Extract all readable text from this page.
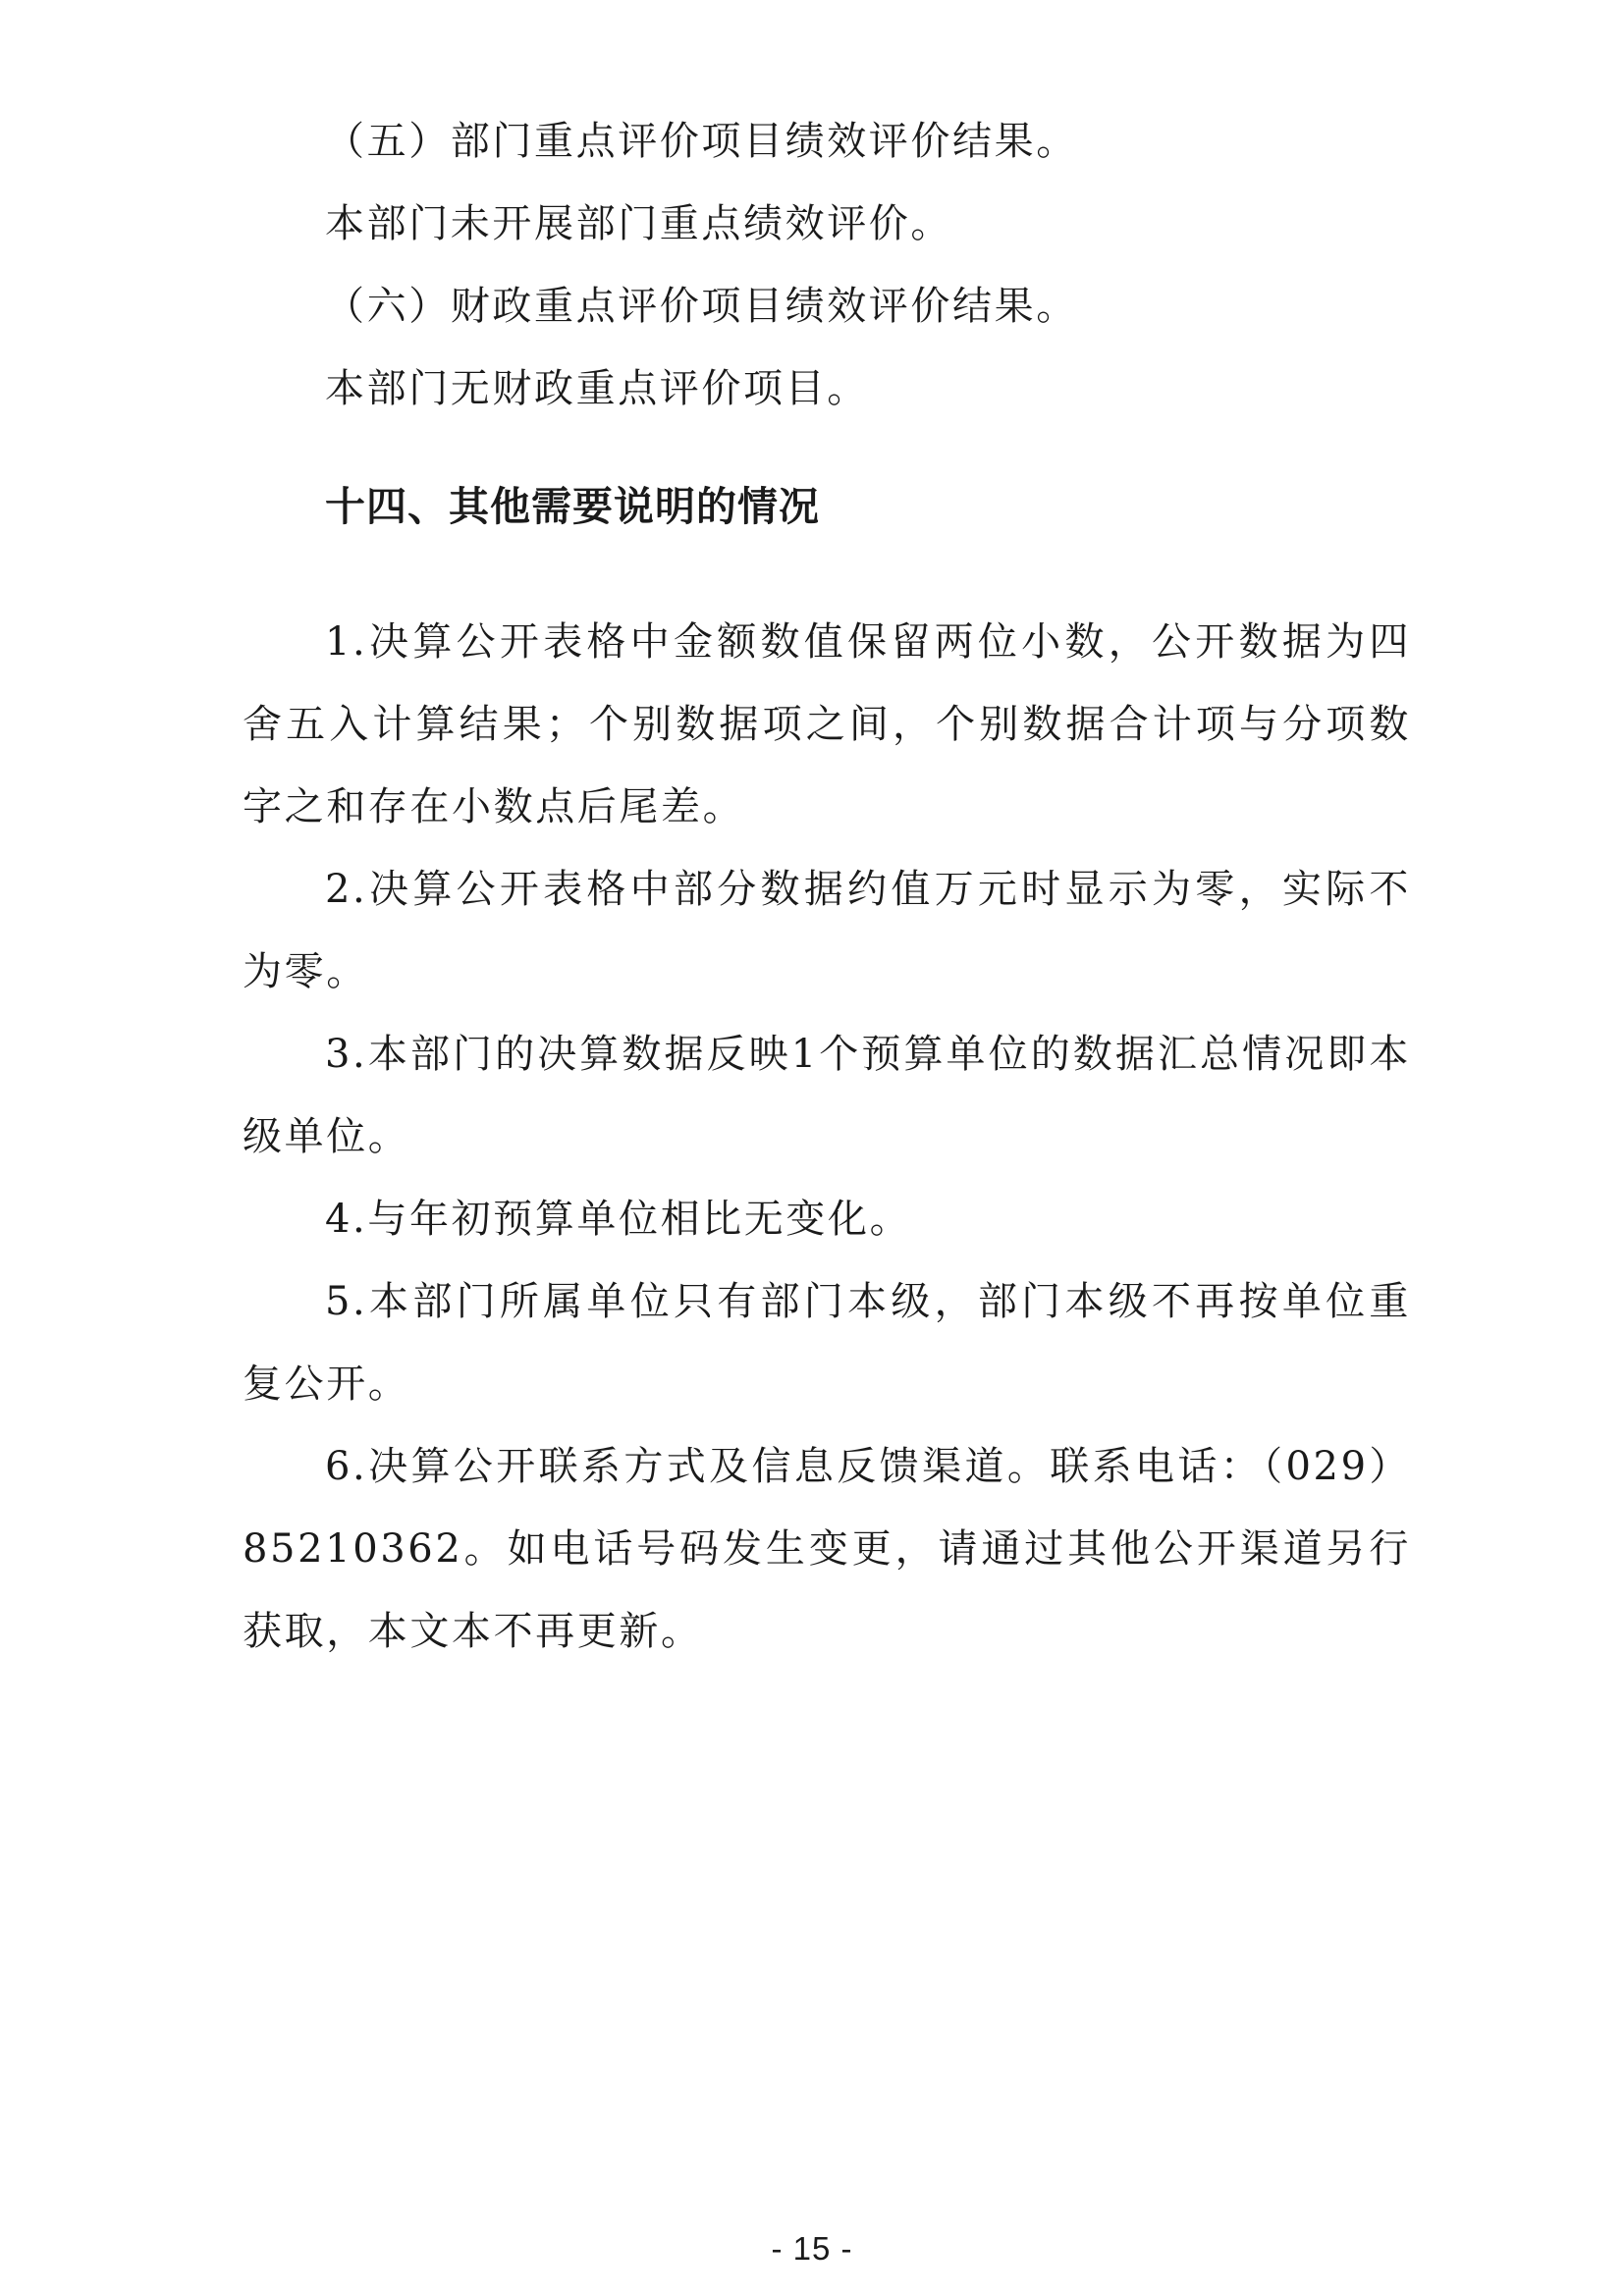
（五）部门重点评价项目绩效评价结果。

本部门未开展部门重点绩效评价。

（六）财政重点评价项目绩效评价结果。

本部门无财政重点评价项目。

十四、其他需要说明的情况

1.决算公开表格中金额数值保留两位小数，公开数据为四舍五入计算结果；个别数据项之间，个别数据合计项与分项数字之和存在小数点后尾差。

2.决算公开表格中部分数据约值万元时显示为零，实际不为零。

3.本部门的决算数据反映1个预算单位的数据汇总情况即本级单位。

4.与年初预算单位相比无变化。

5.本部门所属单位只有部门本级，部门本级不再按单位重复公开。

6.决算公开联系方式及信息反馈渠道。联系电话：（029）85210362。如电话号码发生变更，请通过其他公开渠道另行获取，本文本不再更新。

- 15 -
